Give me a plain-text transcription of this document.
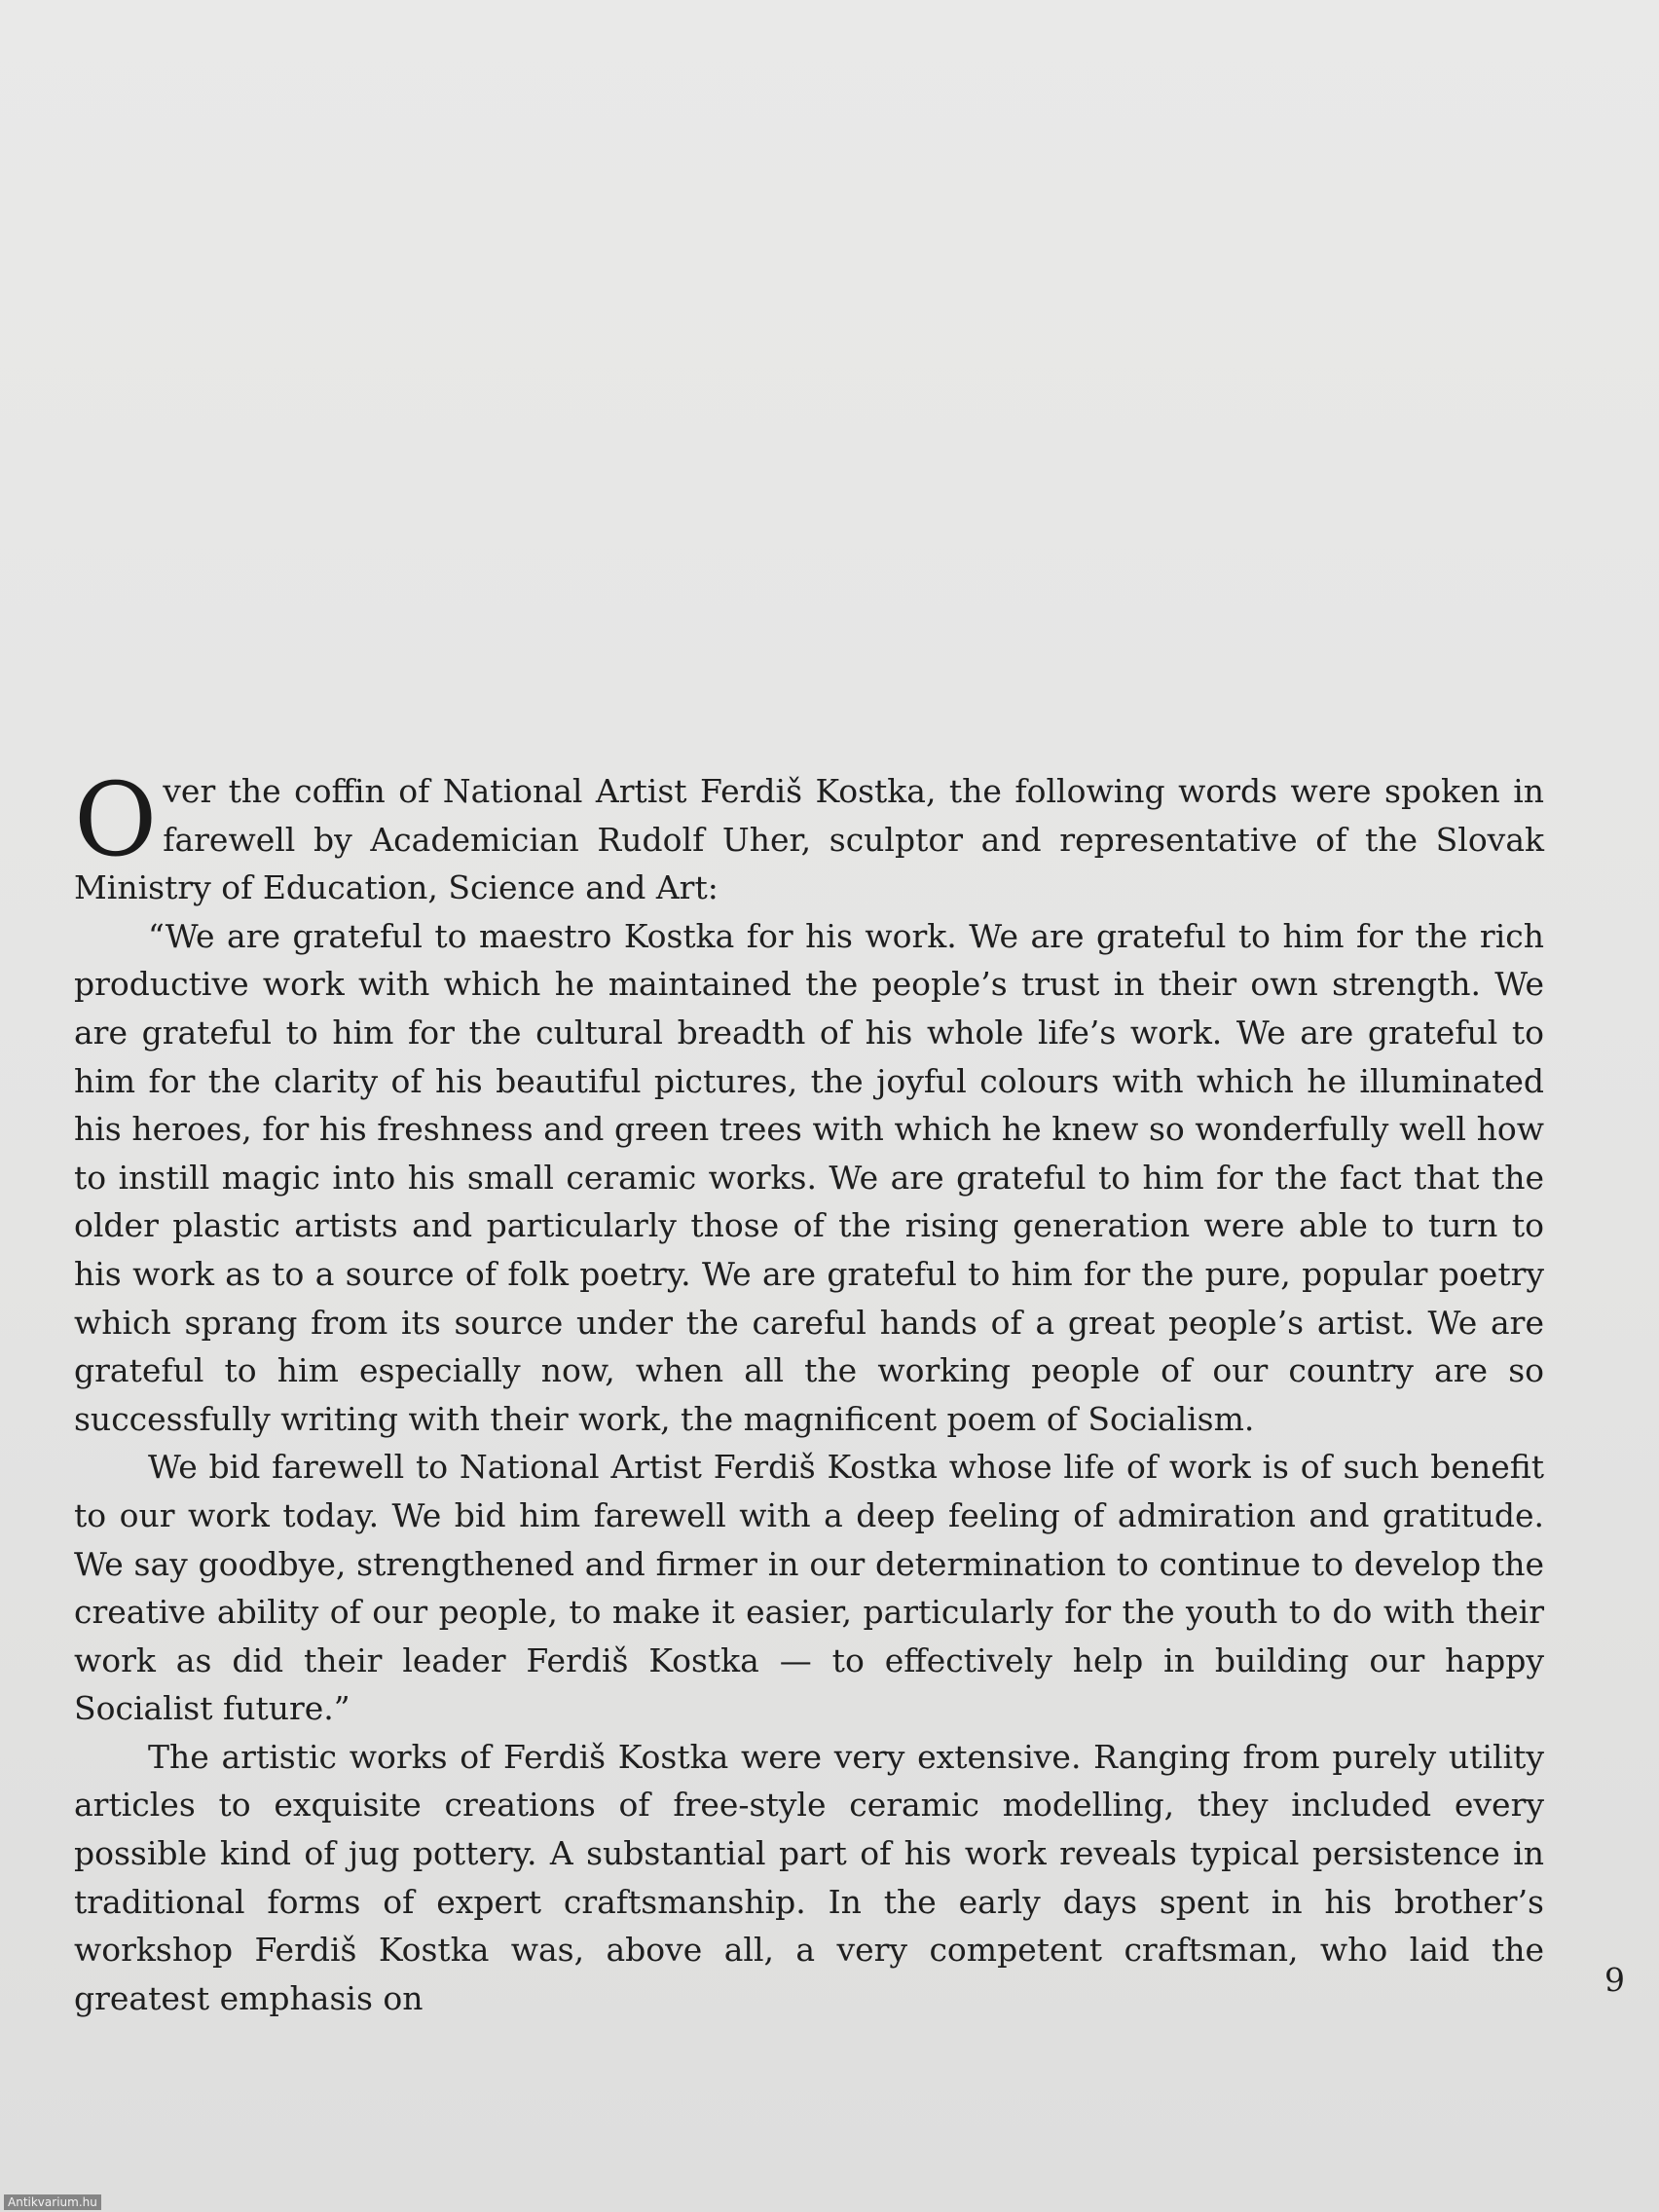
Over the coffin of National Artist Ferdiš Kostka, the following words were spoken in farewell by Academician Rudolf Uher, sculptor and representative of the Slovak Ministry of Education, Science and Art:

“We are grateful to maestro Kostka for his work. We are grateful to him for the rich productive work with which he maintained the people’s trust in their own strength. We are grateful to him for the cultural breadth of his whole life’s work. We are grateful to him for the clarity of his beautiful pictures, the joyful colours with which he illuminated his heroes, for his freshness and green trees with which he knew so wonderfully well how to instill magic into his small ceramic works. We are grateful to him for the fact that the older plastic artists and particularly those of the rising generation were able to turn to his work as to a source of folk poetry. We are grateful to him for the pure, popular poetry which sprang from its source under the careful hands of a great people’s artist. We are grateful to him especially now, when all the working people of our country are so successfully writing with their work, the magnificent poem of Socialism.

We bid farewell to National Artist Ferdiš Kostka whose life of work is of such benefit to our work today. We bid him farewell with a deep feeling of admiration and gratitude. We say goodbye, strengthened and firmer in our determination to continue to develop the creative ability of our people, to make it easier, particularly for the youth to do with their work as did their leader Ferdiš Kostka — to effectively help in building our happy Socialist future.”

The artistic works of Ferdiš Kostka were very extensive. Ranging from purely utility articles to exquisite creations of free-style ceramic modelling, they included every possible kind of jug pottery. A substantial part of his work reveals typical persistence in traditional forms of expert craftsmanship. In the early days spent in his brother’s workshop Ferdiš Kostka was, above all, a very competent craftsman, who laid the greatest emphasis on	9
Antikvarium.hu
